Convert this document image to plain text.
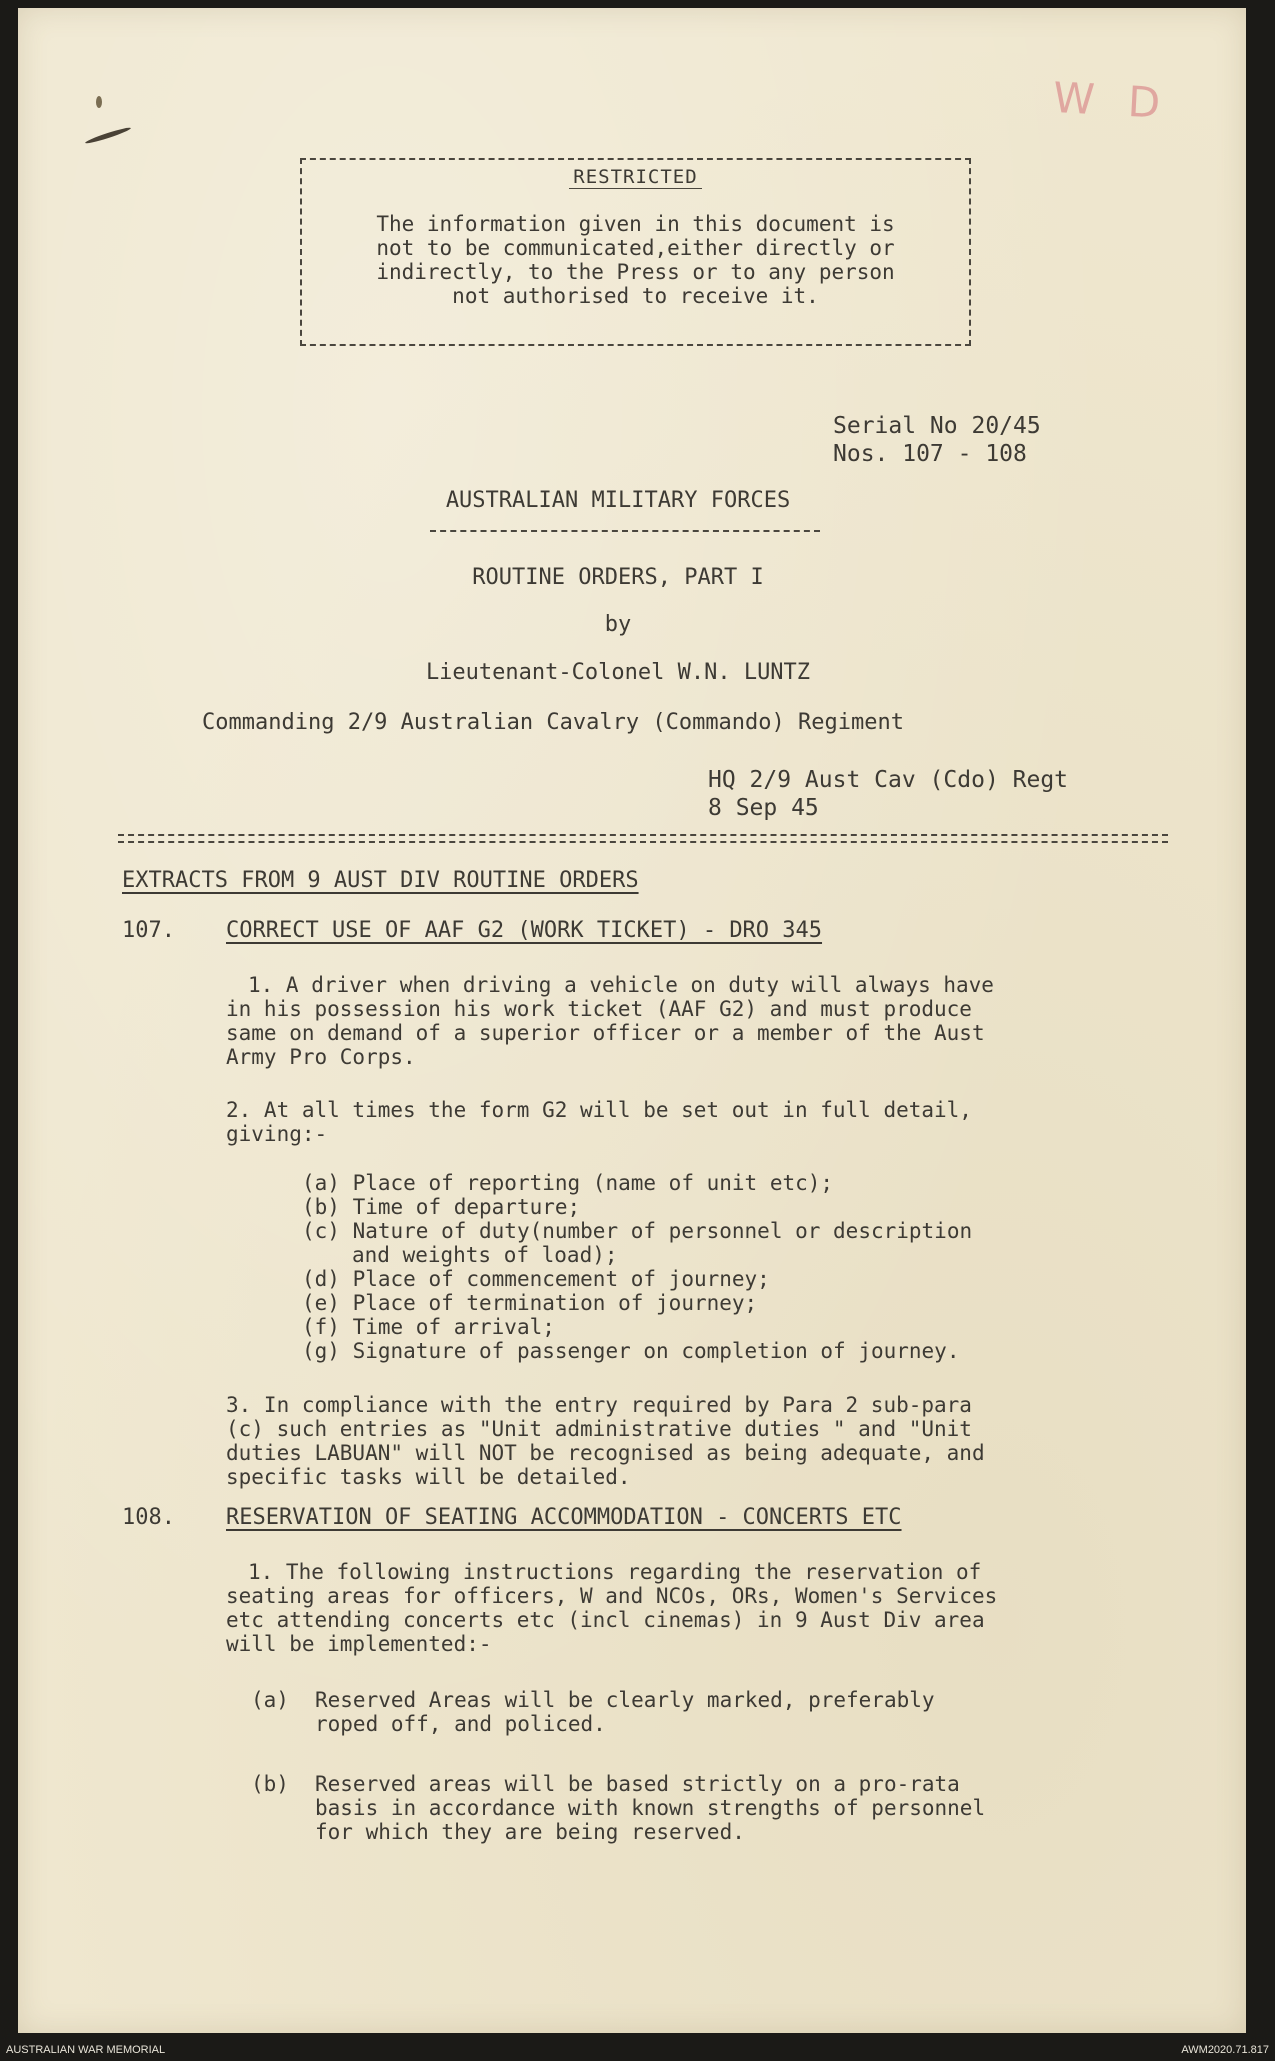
W D
RESTRICTED
The information given in this document is
not to be communicated,either directly or
indirectly, to the Press or to any person
not authorised to receive it.
Serial No 20/45
Nos. 107 - 108
AUSTRALIAN MILITARY FORCES
ROUTINE ORDERS, PART I
by
Lieutenant-Colonel W.N. LUNTZ
Commanding 2/9 Australian Cavalry (Commando) Regiment
HQ 2/9 Aust Cav (Cdo) Regt
8 Sep 45
EXTRACTS FROM 9 AUST DIV ROUTINE ORDERS
107. CORRECT USE OF AAF G2 (WORK TICKET) - DRO 345
1. A driver when driving a vehicle on duty will always have
in his possession his work ticket (AAF G2) and must produce
same on demand of a superior officer or a member of the Aust
Army Pro Corps.
2. At all times the form G2 will be set out in full detail,
giving:-
(a) Place of reporting (name of unit etc);
(b) Time of departure;
(c) Nature of duty(number of personnel or description
and weights of load);
(d) Place of commencement of journey;
(e) Place of termination of journey;
(f) Time of arrival;
(g) Signature of passenger on completion of journey.
3. In compliance with the entry required by Para 2 sub-para
(c) such entries as "Unit administrative duties " and "Unit
duties LABUAN" will NOT be recognised as being adequate, and
specific tasks will be detailed.
108. RESERVATION OF SEATING ACCOMMODATION - CONCERTS ETC
1. The following instructions regarding the reservation of
seating areas for officers, W and NCOs, ORs, Women's Services
etc attending concerts etc (incl cinemas) in 9 Aust Div area
will be implemented:-
(a) Reserved Areas will be clearly marked, preferably
roped off, and policed.
(b) Reserved areas will be based strictly on a pro-rata
basis in accordance with known strengths of personnel
for which they are being reserved.
AUSTRALIAN WAR MEMORIAL	AWM2020.71.817
